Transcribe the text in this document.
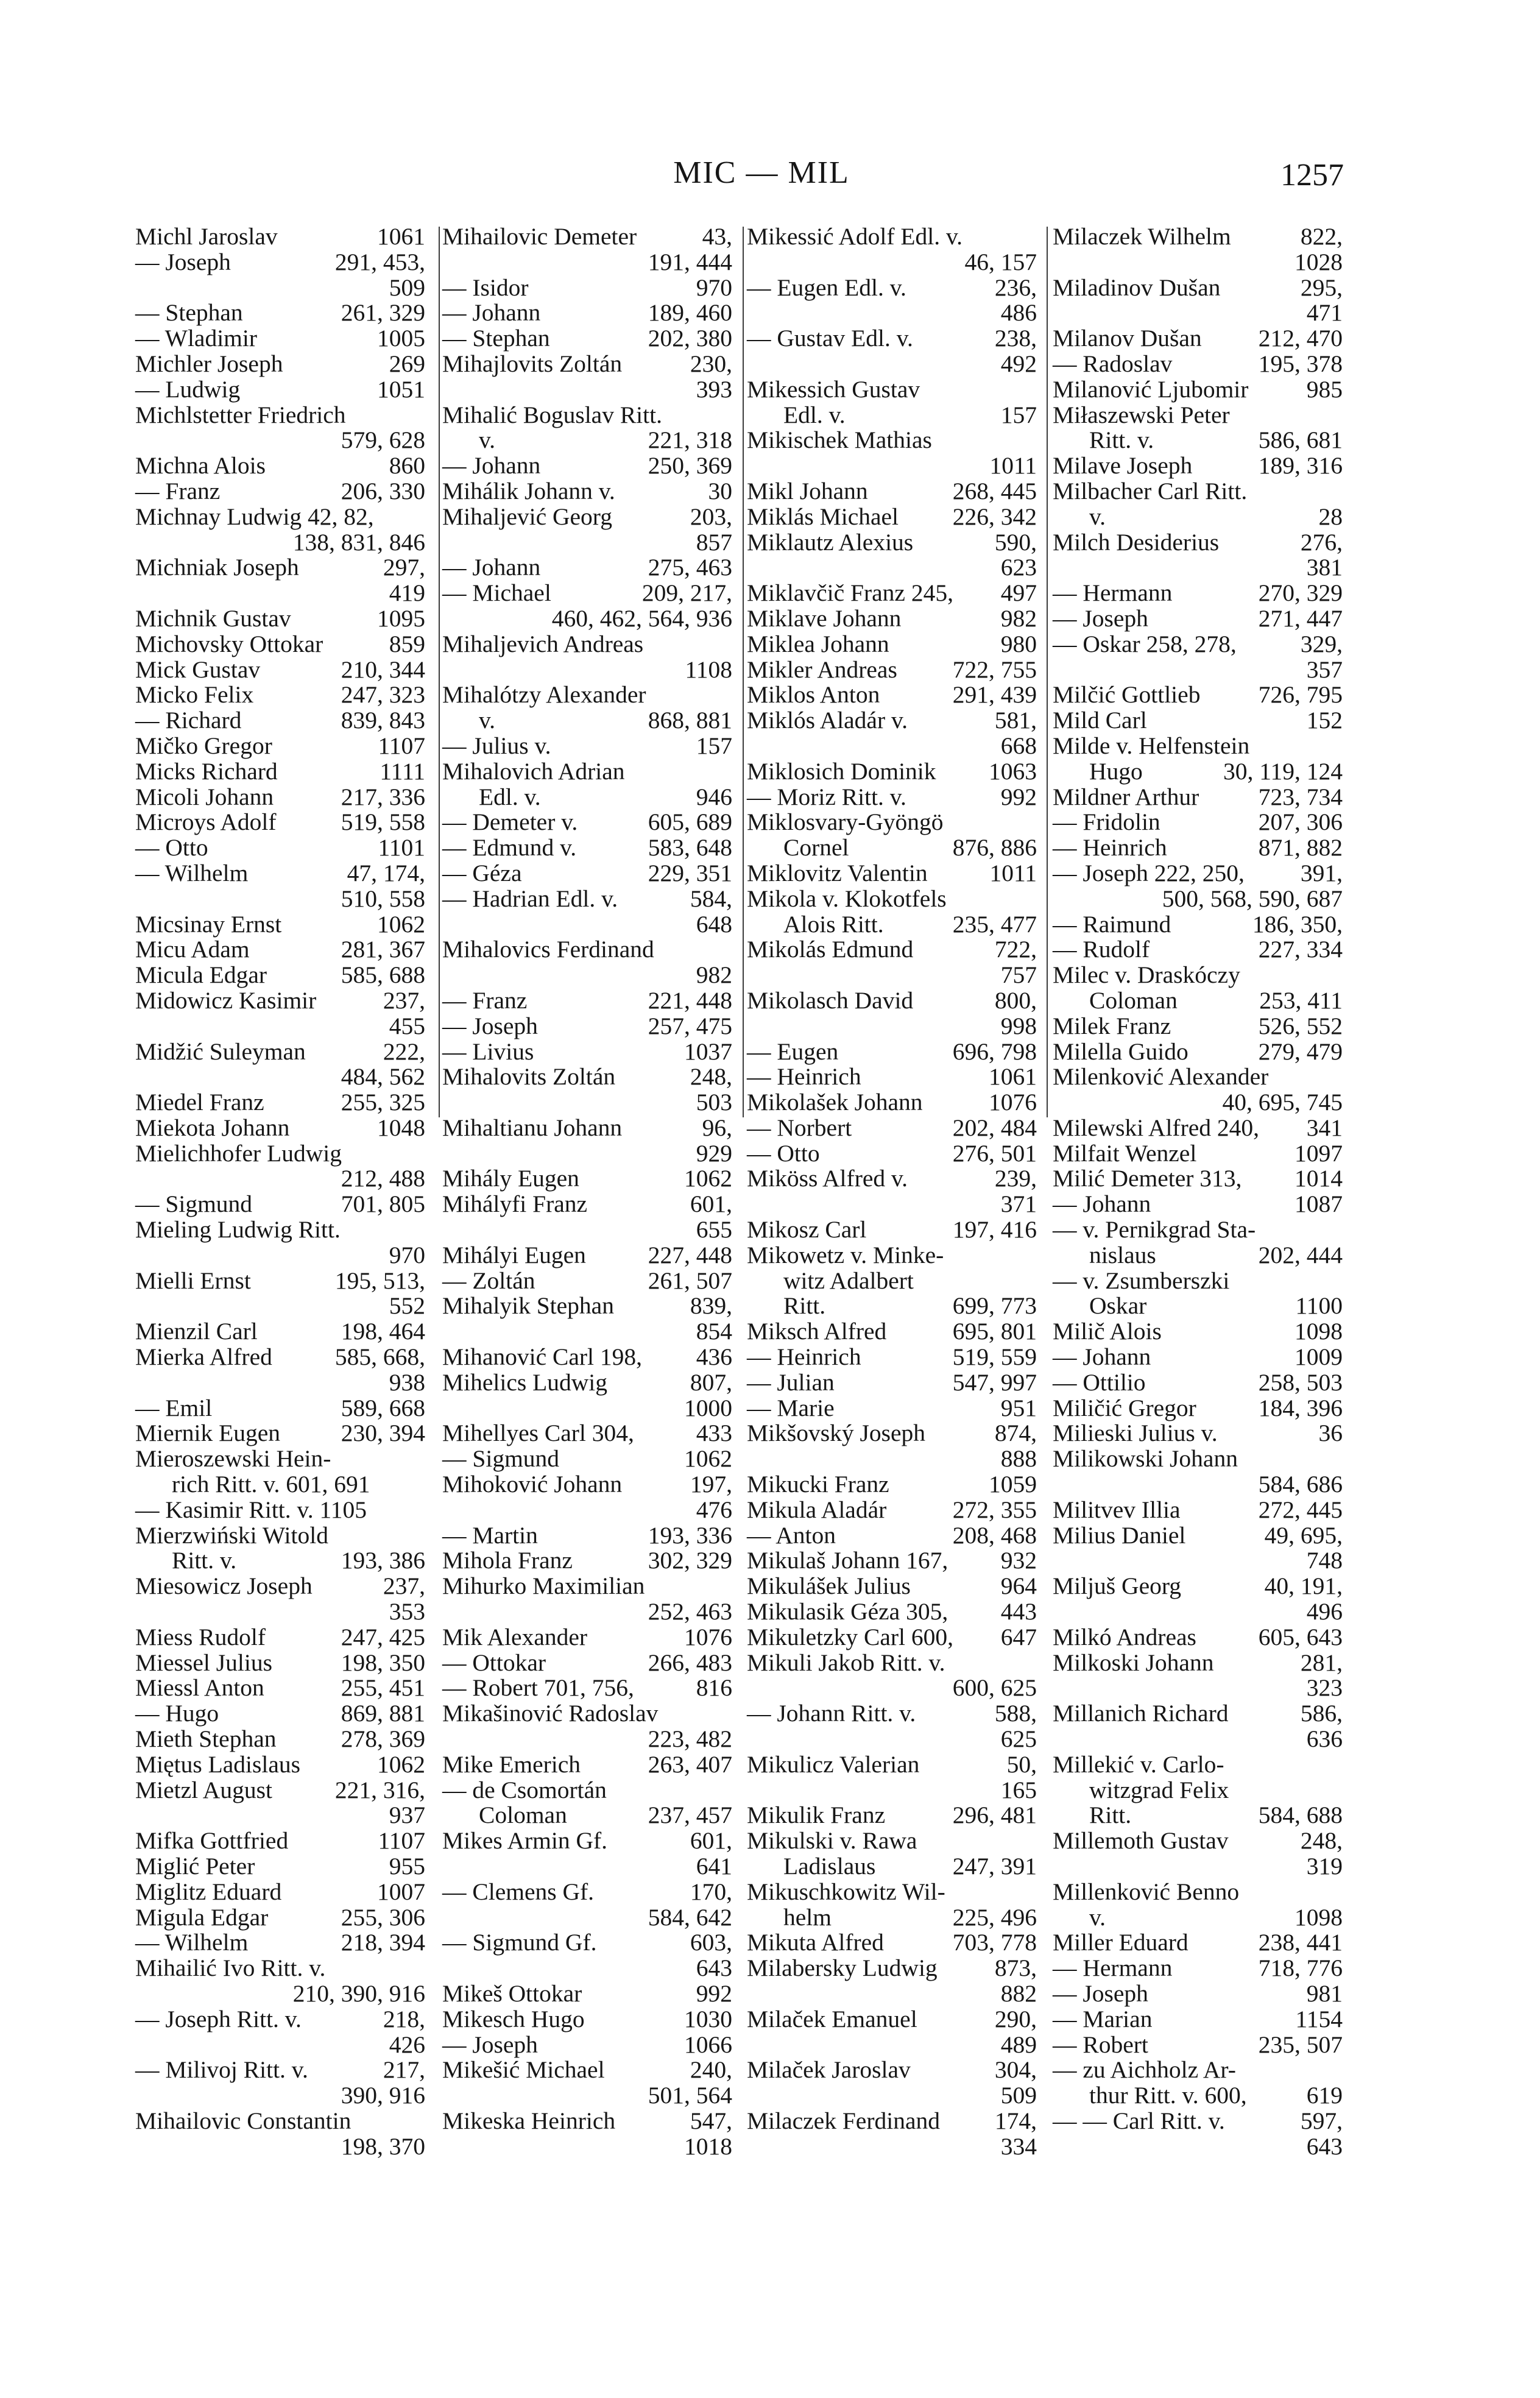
MIC — MIL	1257
Michl Jaroslav	1061
— Joseph	291, 453,
509
— Stephan	261, 329
— Wladimir	1005
Michler Joseph	269
— Ludwig	1051
Michlstetter Friedrich
579, 628
Michna Alois	860
— Franz	206, 330
Michnay Ludwig 42, 82,
138, 831, 846
Michniak Joseph	297,
419
Michnik Gustav	1095
Michovsky Ottokar	859
Mick Gustav	210, 344
Micko Felix	247, 323
— Richard	839, 843
Mičko Gregor	1107
Micks Richard	1111
Micoli Johann	217, 336
Microys Adolf	519, 558
— Otto	1101
— Wilhelm	47, 174,
510, 558
Micsinay Ernst	1062
Micu Adam	281, 367
Micula Edgar	585, 688
Midowicz Kasimir	237,
455
Midžić Suleyman	222,
484, 562
Miedel Franz	255, 325
Miekota Johann	1048
Mielichhofer Ludwig
212, 488
— Sigmund	701, 805
Mieling Ludwig Ritt.
970
Mielli Ernst	195, 513,
552
Mienzil Carl	198, 464
Mierka Alfred	585, 668,
938
— Emil	589, 668
Miernik Eugen	230, 394
Mieroszewski Hein-
rich Ritt. v. 601, 691
— Kasimir Ritt. v. 1105
Mierzwiński Witold
Ritt. v.	193, 386
Miesowicz Joseph	237,
353
Miess Rudolf	247, 425
Miessel Julius	198, 350
Miessl Anton	255, 451
— Hugo	869, 881
Mieth Stephan	278, 369
Miętus Ladislaus	1062
Mietzl August	221, 316,
937
Mifka Gottfried	1107
Miglić Peter	955
Miglitz Eduard	1007
Migula Edgar	255, 306
— Wilhelm	218, 394
Mihailić Ivo Ritt. v.
210, 390, 916
— Joseph Ritt. v.	218,
426
— Milivoj Ritt. v.	217,
390, 916
Mihailovic Constantin
198, 370
Mihailovic Demeter	43,
191, 444
— Isidor	970
— Johann	189, 460
— Stephan	202, 380
Mihajlovits Zoltán	230,
393
Mihalić Boguslav Ritt.
v.	221, 318
— Johann	250, 369
Mihálik Johann v.	30
Mihaljević Georg	203,
857
— Johann	275, 463
— Michael	209, 217,
460, 462, 564, 936
Mihaljevich Andreas
1108
Mihalótzy Alexander
v.	868, 881
— Julius v.	157
Mihalovich Adrian
Edl. v.	946
— Demeter v.	605, 689
— Edmund v.	583, 648
— Géza	229, 351
— Hadrian Edl. v.	584,
648
Mihalovics Ferdinand
982
— Franz	221, 448
— Joseph	257, 475
— Livius	1037
Mihalovits Zoltán	248,
503
Mihaltianu Johann	96,
929
Mihály Eugen	1062
Mihályfi Franz	601,
655
Mihályi Eugen	227, 448
— Zoltán	261, 507
Mihalyik Stephan	839,
854
Mihanović Carl 198,	436
Mihelics Ludwig	807,
1000
Mihellyes Carl 304,	433
— Sigmund	1062
Mihoković Johann	197,
476
— Martin	193, 336
Mihola Franz	302, 329
Mihurko Maximilian
252, 463
Mik Alexander	1076
— Ottokar	266, 483
— Robert 701, 756,	816
Mikašinović Radoslav
223, 482
Mike Emerich	263, 407
— de Csomortán
Coloman	237, 457
Mikes Armin Gf.	601,
641
— Clemens Gf.	170,
584, 642
— Sigmund Gf.	603,
643
Mikeš Ottokar	992
Mikesch Hugo	1030
— Joseph	1066
Mikešić Michael	240,
501, 564
Mikeska Heinrich	547,
1018
Mikessić Adolf Edl. v.
46, 157
— Eugen Edl. v.	236,
486
— Gustav Edl. v.	238,
492
Mikessich Gustav
Edl. v.	157
Mikischek Mathias
1011
Mikl Johann	268, 445
Miklás Michael	226, 342
Miklautz Alexius	590,
623
Miklavčič Franz 245,	497
Miklave Johann	982
Miklea Johann	980
Mikler Andreas	722, 755
Miklos Anton	291, 439
Miklós Aladár v.	581,
668
Miklosich Dominik	1063
— Moriz Ritt. v.	992
Miklosvary-Gyöngö
Cornel	876, 886
Miklovitz Valentin	1011
Mikola v. Klokotfels
Alois Ritt.	235, 477
Mikolás Edmund	722,
757
Mikolasch David	800,
998
— Eugen	696, 798
— Heinrich	1061
Mikolašek Johann	1076
— Norbert	202, 484
— Otto	276, 501
Miköss Alfred v.	239,
371
Mikosz Carl	197, 416
Mikowetz v. Minke-
witz Adalbert
Ritt.	699, 773
Miksch Alfred	695, 801
— Heinrich	519, 559
— Julian	547, 997
— Marie	951
Mikšovský Joseph	874,
888
Mikucki Franz	1059
Mikula Aladár	272, 355
— Anton	208, 468
Mikulaš Johann 167,	932
Mikulášek Julius	964
Mikulasik Géza 305,	443
Mikuletzky Carl 600,	647
Mikuli Jakob Ritt. v.
600, 625
— Johann Ritt. v.	588,
625
Mikulicz Valerian	50,
165
Mikulik Franz	296, 481
Mikulski v. Rawa
Ladislaus	247, 391
Mikuschkowitz Wil-
helm	225, 496
Mikuta Alfred	703, 778
Milabersky Ludwig	873,
882
Milaček Emanuel	290,
489
Milaček Jaroslav	304,
509
Milaczek Ferdinand	174,
334
Milaczek Wilhelm	822,
1028
Miladinov Dušan	295,
471
Milanov Dušan	212, 470
— Radoslav	195, 378
Milanović Ljubomir	985
Miłaszewski Peter
Ritt. v.	586, 681
Milave Joseph	189, 316
Milbacher Carl Ritt.
v.	28
Milch Desiderius	276,
381
— Hermann	270, 329
— Joseph	271, 447
— Oskar 258, 278,	329,
357
Milčić Gottlieb	726, 795
Mild Carl	152
Milde v. Helfenstein
Hugo	30, 119, 124
Mildner Arthur	723, 734
— Fridolin	207, 306
— Heinrich	871, 882
— Joseph 222, 250,	391,
500, 568, 590, 687
— Raimund	186, 350,
— Rudolf	227, 334
Milec v. Draskóczy
Coloman	253, 411
Milek Franz	526, 552
Milella Guido	279, 479
Milenković Alexander
40, 695, 745
Milewski Alfred 240,	341
Milfait Wenzel	1097
Milić Demeter 313,	1014
— Johann	1087
— v. Pernikgrad Sta-
nislaus	202, 444
— v. Zsumberszki
Oskar	1100
Milič Alois	1098
— Johann	1009
— Ottilio	258, 503
Miličić Gregor	184, 396
Milieski Julius v.	36
Milikowski Johann
584, 686
Militvev Illia	272, 445
Milius Daniel	49, 695,
748
Miljuš Georg	40, 191,
496
Milkó Andreas	605, 643
Milkoski Johann	281,
323
Millanich Richard	586,
636
Millekić v. Carlo-
witzgrad Felix
Ritt.	584, 688
Millemoth Gustav	248,
319
Millenković Benno
v.	1098
Miller Eduard	238, 441
— Hermann	718, 776
— Joseph	981
— Marian	1154
— Robert	235, 507
— zu Aichholz Ar-
thur Ritt. v. 600,	619
— — Carl Ritt. v.	597,
643
